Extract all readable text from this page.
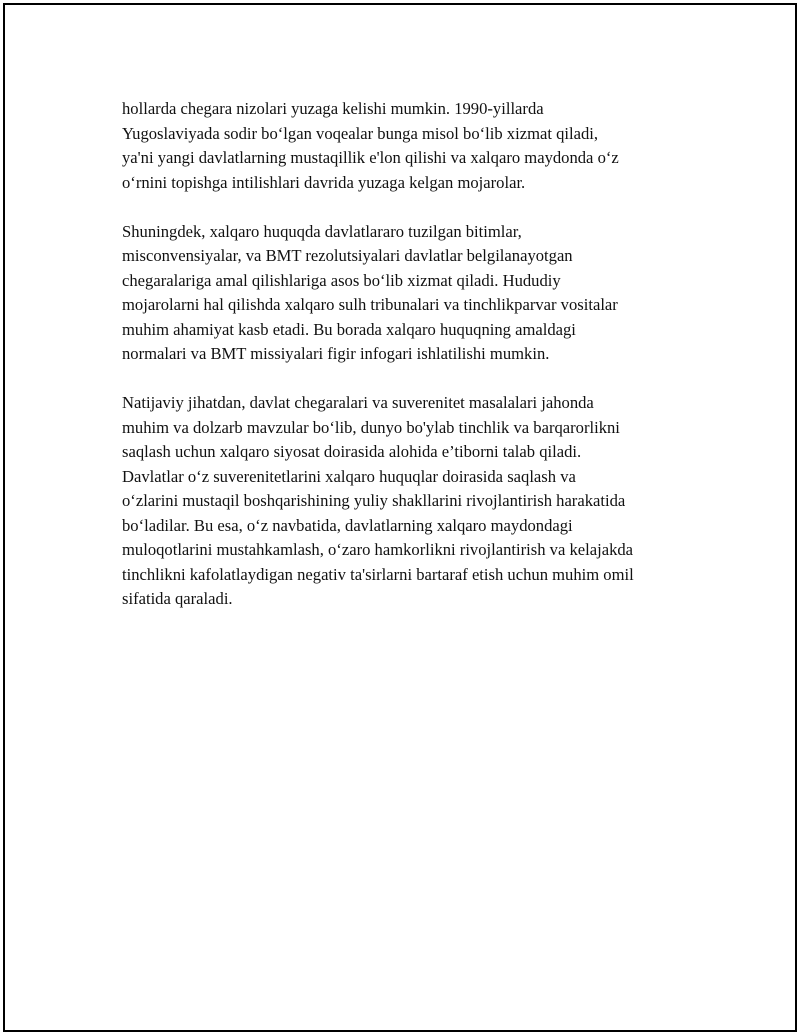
hollarda chegara nizolari yuzaga kelishi mumkin. 1990-yillarda
Yugoslaviyada sodir bo‘lgan voqealar bunga misol bo‘lib xizmat qiladi,
ya'ni yangi davlatlarning mustaqillik e'lon qilishi va xalqaro maydonda o‘z
o‘rnini topishga intilishlari davrida yuzaga kelgan mojarolar.

Shuningdek, xalqaro huquqda davlatlararo tuzilgan bitimlar,
misconvensiyalar, va BMT rezolutsiyalari davlatlar belgilanayotgan
chegaralariga amal qilishlariga asos bo‘lib xizmat qiladi. Hududiy
mojarolarni hal qilishda xalqaro sulh tribunalari va tinchlikparvar vositalar
muhim ahamiyat kasb etadi. Bu borada xalqaro huquqning amaldagi
normalari va BMT missiyalari figir infogari ishlatilishi mumkin.

Natijaviy jihatdan, davlat chegaralari va suverenitet masalalari jahonda
muhim va dolzarb mavzular bo‘lib, dunyo bo'ylab tinchlik va barqarorlikni
saqlash uchun xalqaro siyosat doirasida alohida e’tiborni talab qiladi.
Davlatlar o‘z suverenitetlarini xalqaro huquqlar doirasida saqlash va
o‘zlarini mustaqil boshqarishining yuliy shakllarini rivojlantirish harakatida
bo‘ladilar. Bu esa, o‘z navbatida, davlatlarning xalqaro maydondagi
muloqotlarini mustahkamlash, o‘zaro hamkorlikni rivojlantirish va kelajakda
tinchlikni kafolatlaydigan negativ ta'sirlarni bartaraf etish uchun muhim omil
sifatida qaraladi.
